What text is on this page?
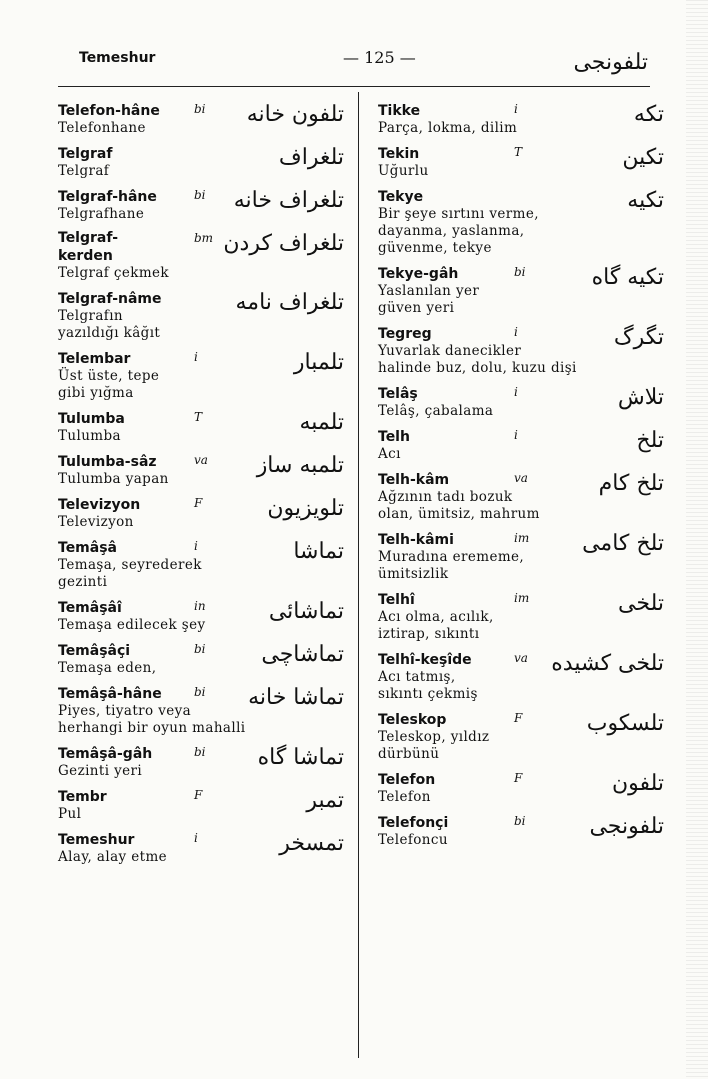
Temeshur	— 125 —	تلفونجى
Telefon-hâne	bi تلفون خانه
Telefonhane
Telgraf	تلغراف
Telgraf
Telgraf-hâne	bi تلغراف خانه
Telgrafhane
Telgraf-
kerden

bm تلغراف كردن
Telgraf çekmek
Telgraf-nâme	تلغراف نامه
Telgrafın
yazıldığı kâğıt
Telembar	i	تلمبار
Üst üste, tepe
gibi yığma
Tulumba	T	تلمبه
Tulumba
Tulumba-sâz	va تلمبه ساز
Tulumba yapan
Televizyon	F	تلويزيون
Televizyon
Temâşâ	i	تماشا
Temaşa, seyrederek
gezinti
Temâşâî	in	تماشائى
Temaşa edilecek şey
Temâşâçi	bi	تماشاچى
Temaşa eden,
Temâşâ-hâne	bi تماشا خانه
Piyes, tiyatro veya
herhangi bir oyun mahalli
Temâşâ-gâh	bi تماشا گاه
Gezinti yeri
Tembr	F	تمبر
Pul
Temeshur	i	تمسخر
Alay, alay etme
Tikke	i	تكه
Parça, lokma, dilim
Tekin	T	تكين
Uğurlu
Tekye	تكيه
Bir şeye sırtını verme,
dayanma, yaslanma,
güvenme, tekye
Tekye-gâh	bi	تكيه گاه
Yaslanılan yer
güven yeri
Tegreg	i	تگرگ
Yuvarlak danecikler
halinde buz, dolu, kuzu dişi
Telâş	i	تلاش
Telâş, çabalama
Telh	i	تلخ
Acı
Telh-kâm	va	تلخ كام
Ağzının tadı bozuk
olan, ümitsiz, mahrum
Telh-kâmi	im تلخ كامى
Muradına erememe,
ümitsizlik
Telhî	im	تلخى
Acı olma, acılık,
iztirap, sıkıntı
Telhî-keşîde	va تلخى كشيده
Acı tatmış,
sıkıntı çekmiş
Teleskop	F	تلسكوب
Teleskop, yıldız
dürbünü
Telefon	F	تلفون
Telefon
Telefonçi	bi	تلفونجى
Telefoncu
